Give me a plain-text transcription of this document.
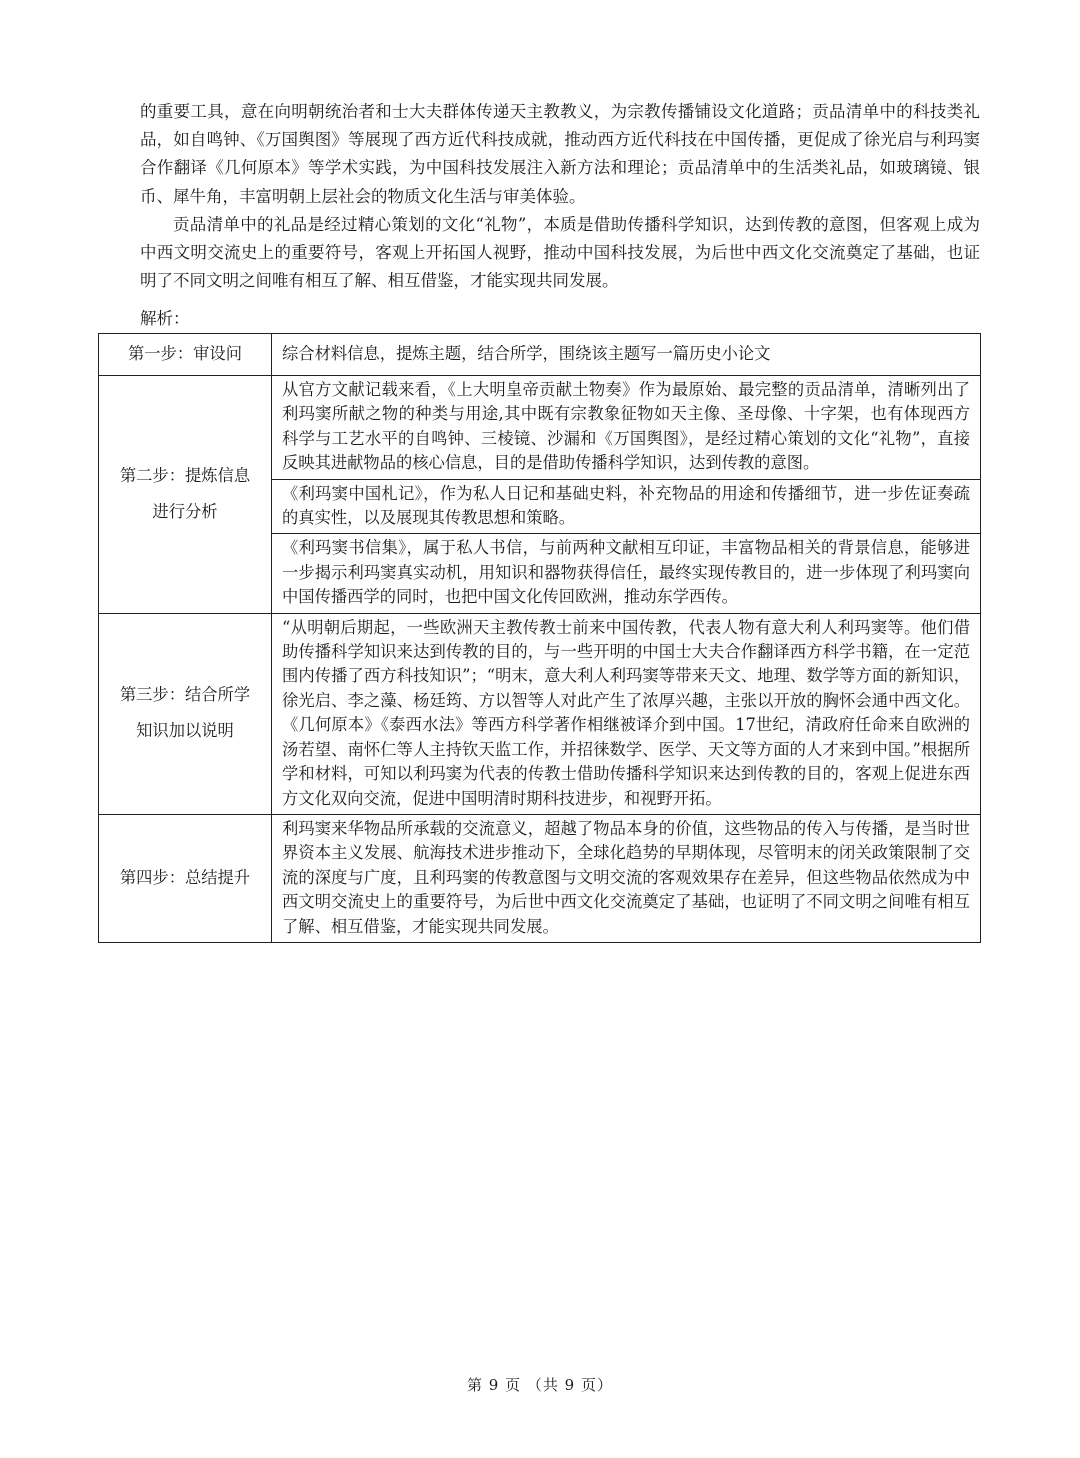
的重要工具，意在向明朝统治者和士大夫群体传递天主教教义，为宗教传播铺设文化道路；贡品清单中的科技类礼品，如自鸣钟、《万国舆图》等展现了西方近代科技成就，推动西方近代科技在中国传播，更促成了徐光启与利玛窦合作翻译《几何原本》等学术实践，为中国科技发展注入新方法和理论；贡品清单中的生活类礼品，如玻璃镜、银币、犀牛角，丰富明朝上层社会的物质文化生活与审美体验。

贡品清单中的礼品是经过精心策划的文化“礼物”，本质是借助传播科学知识，达到传教的意图，但客观上成为中西文明交流史上的重要符号，客观上开拓国人视野，推动中国科技发展，为后世中西文化交流奠定了基础，也证明了不同文明之间唯有相互了解、相互借鉴，才能实现共同发展。

解析：
第一步：审设问	综合材料信息，提炼主题，结合所学，围绕该主题写一篇历史小论文

第二步：提炼信息
进行分析	从官方文献记载来看，《上大明皇帝贡献土物奏》作为最原始、最完整的贡品清单，清晰列出了利玛窦所献之物的种类与用途,其中既有宗教象征物如天主像、圣母像、十字架，也有体现西方科学与工艺水平的自鸣钟、三棱镜、沙漏和《万国舆图》，是经过精心策划的文化“礼物”，直接反映其进献物品的核心信息，目的是借助传播科学知识，达到传教的意图。
	《利玛窦中国札记》，作为私人日记和基础史料，补充物品的用途和传播细节，进一步佐证奏疏的真实性，以及展现其传教思想和策略。
	《利玛窦书信集》，属于私人书信，与前两种文献相互印证，丰富物品相关的背景信息，能够进一步揭示利玛窦真实动机，用知识和器物获得信任，最终实现传教目的，进一步体现了利玛窦向中国传播西学的同时，也把中国文化传回欧洲，推动东学西传。

第三步：结合所学
知识加以说明	“从明朝后期起，一些欧洲天主教传教士前来中国传教，代表人物有意大利人利玛窦等。他们借助传播科学知识来达到传教的目的，与一些开明的中国士大夫合作翻译西方科学书籍，在一定范围内传播了西方科技知识”；“明末，意大利人利玛窦等带来天文、地理、数学等方面的新知识，徐光启、李之藻、杨廷筠、方以智等人对此产生了浓厚兴趣，主张以开放的胸怀会通中西文化。《几何原本》《泰西水法》等西方科学著作相继被译介到中国。17世纪，清政府任命来自欧洲的汤若望、南怀仁等人主持钦天监工作，并招徕数学、医学、天文等方面的人才来到中国。”根据所学和材料，可知以利玛窦为代表的传教士借助传播科学知识来达到传教的目的，客观上促进东西方文化双向交流，促进中国明清时期科技进步，和视野开拓。
第四步：总结提升	利玛窦来华物品所承载的交流意义，超越了物品本身的价值，这些物品的传入与传播，是当时世界资本主义发展、航海技术进步推动下，全球化趋势的早期体现，尽管明末的闭关政策限制了交流的深度与广度，且利玛窦的传教意图与文明交流的客观效果存在差异，但这些物品依然成为中西文明交流史上的重要符号，为后世中西文化交流奠定了基础，也证明了不同文明之间唯有相互了解、相互借鉴，才能实现共同发展。
第 9 页 （共 9 页）
